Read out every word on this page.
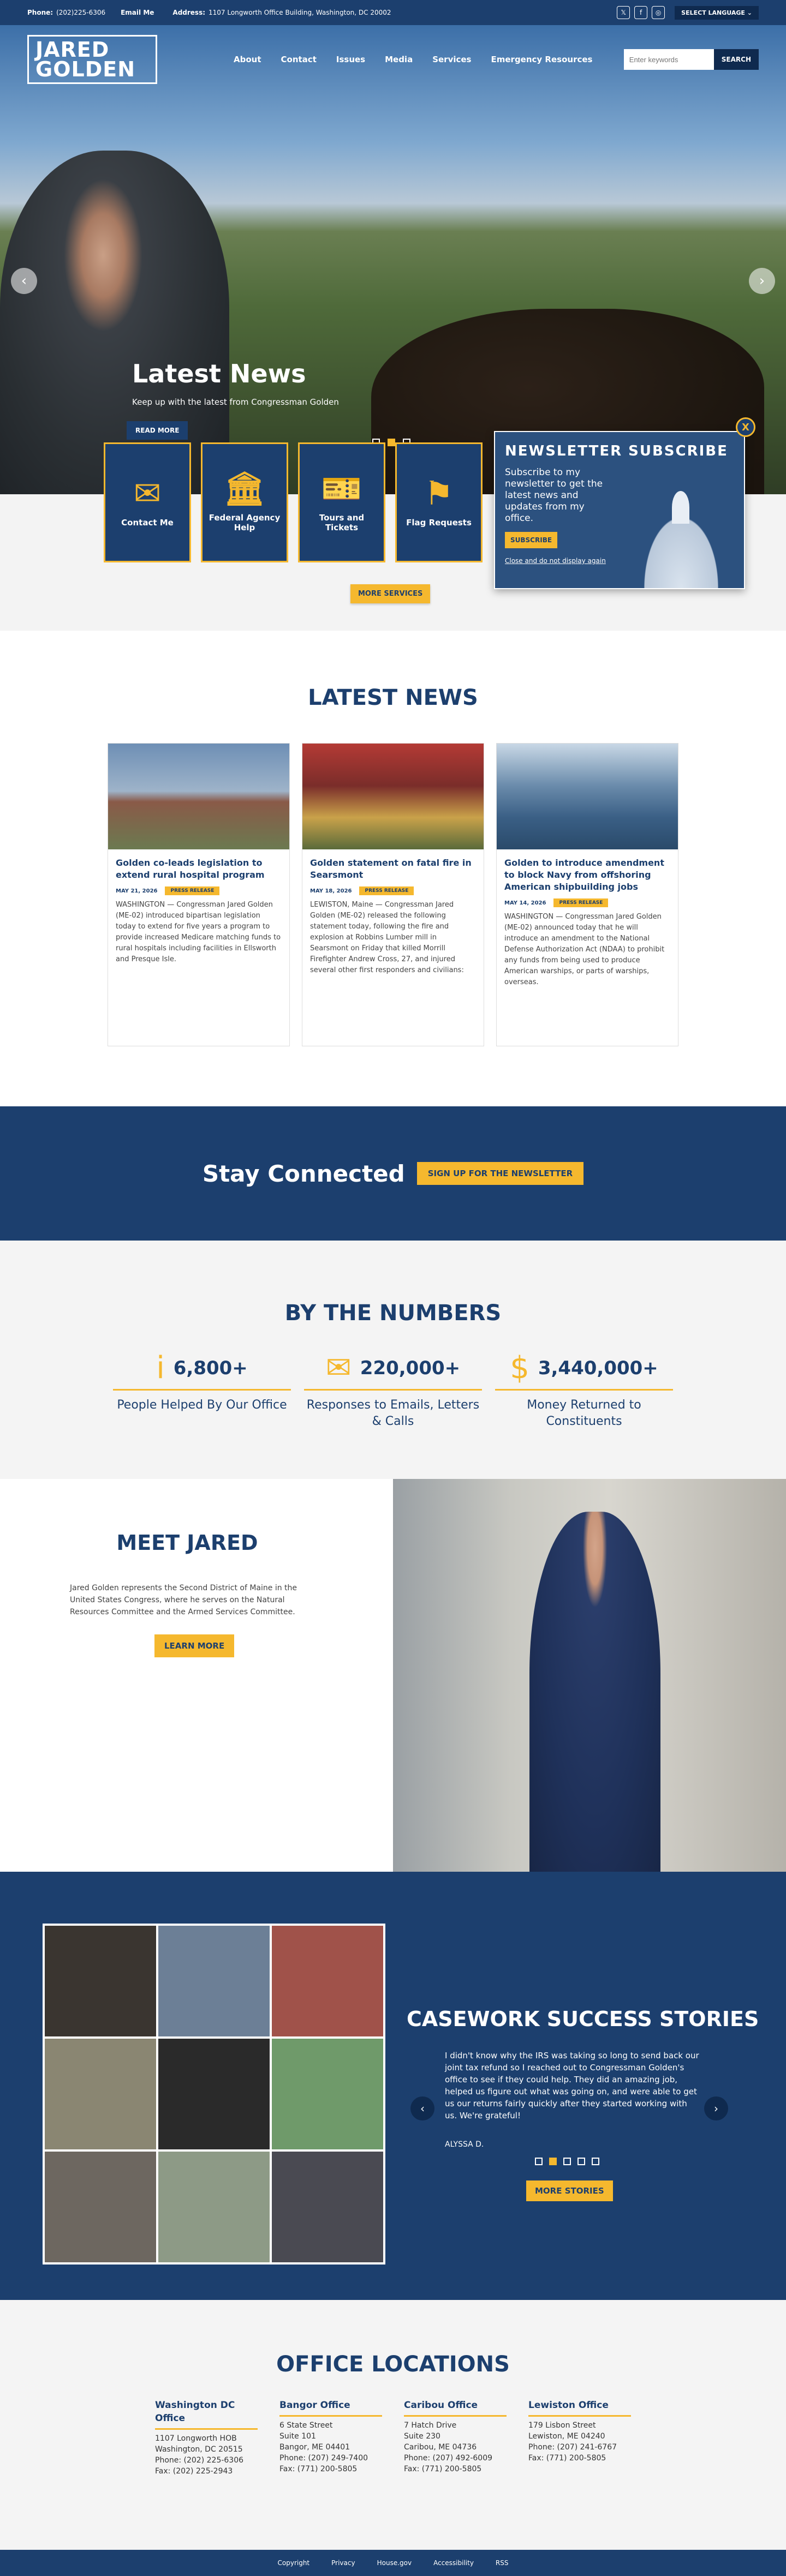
Phone: (202)225-6306 Email Me	Address: 1107 Longworth Office Building, Washington, DC 20002	𝕏	f	◎	SELECT LANGUAGE ⌄
JARED
GOLDEN	About Contact Issues Media Services Emergency Resources
Enter keywords	SEARCH
‹	›
Latest News
Keep up with the latest from Congressman Golden
READ MORE	X
NEWSLETTER SUBSCRIBE

Subscribe to my newsletter to get the latest news and updates from my office.

SUBSCRIBE
Close and do not display again
✉
Contact Me
🏛
Federal Agency Help
🎫
Tours and Tickets
⚑
Flag Requests
MORE SERVICES
LATEST NEWS
Golden co-leads legislation to extend rural hospital program
MAY 21, 2026	PRESS RELEASE

WASHINGTON — Congressman Jared Golden (ME-02) introduced bipartisan legislation today to extend for five years a program to provide increased Medicare matching funds to rural hospitals including facilities in Ellsworth and Presque Isle.

Golden statement on fatal fire in Searsmont
MAY 18, 2026	PRESS RELEASE

LEWISTON, Maine — Congressman Jared Golden (ME-02) released the following statement today, following the fire and explosion at Robbins Lumber mill in Searsmont on Friday that killed Morrill Firefighter Andrew Cross, 27, and injured several other first responders and civilians:

Golden to introduce amendment to block Navy from offshoring American shipbuilding jobs
MAY 14, 2026	PRESS RELEASE

WASHINGTON — Congressman Jared Golden (ME-02) announced today that he will introduce an amendment to the National Defense Authorization Act (NDAA) to prohibit any funds from being used to produce American warships, or parts of warships, overseas.

Stay Connected	SIGN UP FOR THE NEWSLETTER
BY THE NUMBERS
i 6,800+
People Helped By Our Office
✉ 220,000+
Responses to Emails, Letters & Calls
$ 3,440,000+
Money Returned to Constituents
MEET JARED

Jared Golden represents the Second District of Maine in the United States Congress, where he serves on the Natural Resources Committee and the Armed Services Committee.

LEARN MORE
CASEWORK SUCCESS STORIES
I didn't know why the IRS was taking so long to send back our joint tax refund so I reached out to Congressman Golden's office to see if they could help. They did an amazing job, helped us figure out what was going on, and were able to get us our returns fairly quickly after they started working with us. We're grateful!
ALYSSA D.
‹	›
MORE STORIES
OFFICE LOCATIONS
Washington DC Office
1107 Longworth HOB
Washington, DC 20515
Phone: (202) 225-6306
Fax: (202) 225-2943
Bangor Office
6 State Street
Suite 101
Bangor, ME 04401
Phone: (207) 249-7400
Fax: (771) 200-5805
Caribou Office
7 Hatch Drive
Suite 230
Caribou, ME 04736
Phone: (207) 492-6009
Fax: (771) 200-5805
Lewiston Office
179 Lisbon Street
Lewiston, ME 04240
Phone: (207) 241-6767
Fax: (771) 200-5805
Copyright	Privacy	House.gov	Accessibility	RSS
